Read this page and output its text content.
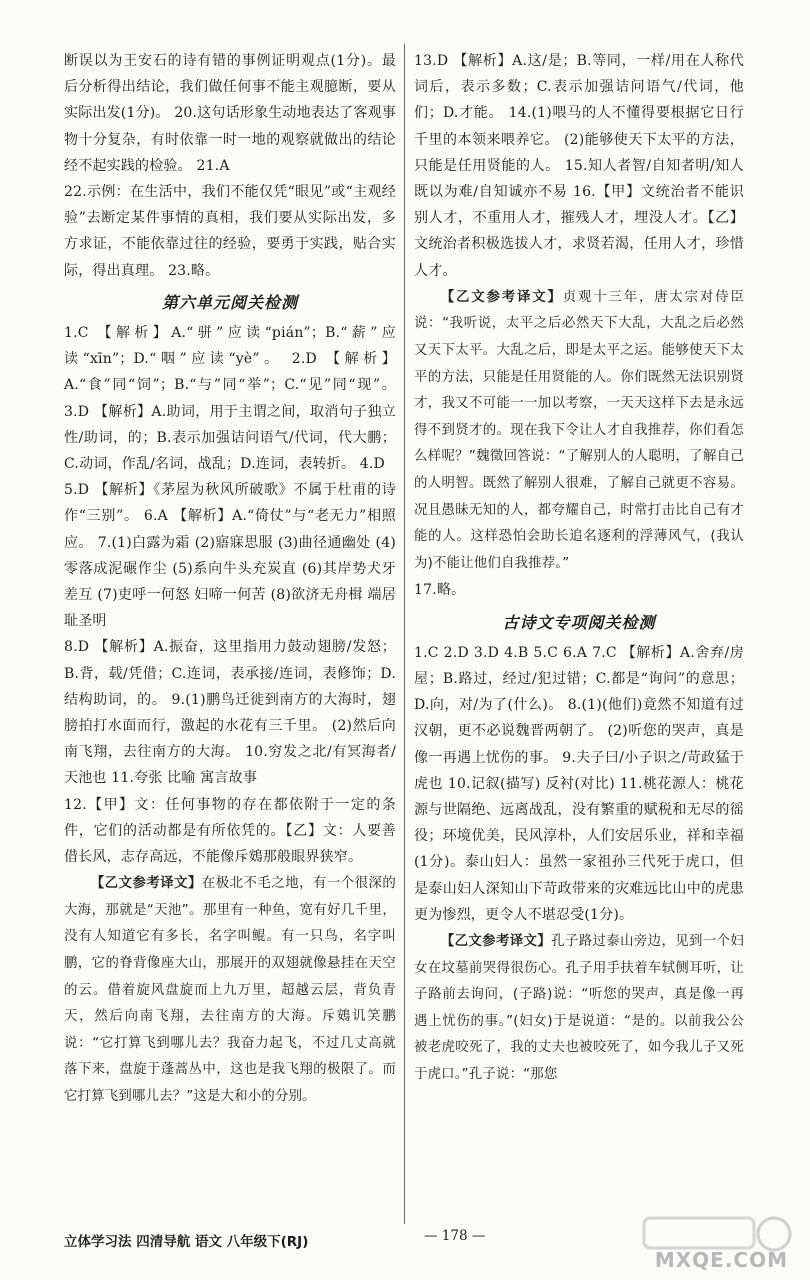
断误以为王安石的诗有错的事例证明观点(1分)。最后分析得出结论，我们做任何事不能主观臆断，要从实际出发(1分)。 20.这句话形象生动地表达了客观事物十分复杂，有时依靠一时一地的观察就做出的结论经不起实践的检验。 21.A

22.示例：在生活中，我们不能仅凭“眼见”或“主观经验”去断定某件事情的真相，我们要从实际出发，多方求证，不能依靠过往的经验，要勇于实践，贴合实际，得出真理。 23.略。

第六单元阅关检测

1.C 【解析】A.“骈”应读“pián”；B.“薪”应读“xīn”；D.“咽”应读“yè”。 2.D 【解析】A.“食”同“饲”；B.“与”同“举”；C.“见”同“现”。 3.D 【解析】A.助词，用于主谓之间，取消句子独立性/助词，的；B.表示加强诘问语气/代词，代大鹏；C.动词，作乱/名词，战乱；D.连词，表转折。 4.D

5.D 【解析】《茅屋为秋风所破歌》不属于杜甫的诗作“三别”。 6.A 【解析】A.“倚仗”与“老无力”相照应。 7.(1)白露为霜 (2)寤寐思服 (3)曲径通幽处 (4)零落成泥碾作尘 (5)系向牛头充炭直 (6)其岸势犬牙差互 (7)吏呼一何怒 妇啼一何苦 (8)欲济无舟楫 端居耻圣明

8.D 【解析】A.振奋，这里指用力鼓动翅膀/发怒；B.背，载/凭借；C.连词，表承接/连词，表修饰；D.结构助词，的。 9.(1)鹏鸟迁徙到南方的大海时，翅膀拍打水面而行，激起的水花有三千里。 (2)然后向南飞翔，去往南方的大海。 10.穷发之北/有冥海者/天池也 11.夸张 比喻 寓言故事

12.【甲】文：任何事物的存在都依附于一定的条件，它们的活动都是有所依凭的。【乙】文：人要善借长风，志存高远，不能像斥鴳那般眼界狭窄。

【乙文参考译文】在极北不毛之地，有一个很深的大海，那就是“天池”。那里有一种鱼，宽有好几千里，没有人知道它有多长，名字叫鲲。有一只鸟，名字叫鹏，它的脊背像座大山，那展开的双翅就像悬挂在天空的云。借着旋风盘旋而上九万里，超越云层，背负青天，然后向南飞翔，去往南方的大海。斥鴳讥笑鹏说：“它打算飞到哪儿去？我奋力起飞，不过几丈高就落下来，盘旋于蓬蒿丛中，这也是我飞翔的极限了。而它打算飞到哪儿去？”这是大和小的分别。

13.D 【解析】A.这/是；B.等同，一样/用在人称代词后，表示多数；C.表示加强诘问语气/代词，他们；D.才能。 14.(1)喂马的人不懂得要根据它日行千里的本领来喂养它。 (2)能够使天下太平的方法，只能是任用贤能的人。 15.知人者智/自知者明/知人既以为难/自知诚亦不易 16.【甲】文统治者不能识别人才，不重用人才，摧残人才，埋没人才。【乙】文统治者积极选拔人才，求贤若渴，任用人才，珍惜人才。

【乙文参考译文】贞观十三年，唐太宗对侍臣说：“我听说，太平之后必然天下大乱，大乱之后必然又天下太平。大乱之后，即是太平之运。能够使天下太平的方法，只能是任用贤能的人。你们既然无法识别贤才，我又不可能一一加以考察，一天天这样下去是永远得不到贤才的。现在我下令让人才自我推荐，你们看怎么样呢？”魏徵回答说：“了解别人的人聪明，了解自己的人明智。既然了解别人很难，了解自己就更不容易。况且愚昧无知的人，都夸耀自己，时常打击比自己有才能的人。这样恐怕会助长追名逐利的浮薄风气，(我认为)不能让他们自我推荐。”

17.略。

古诗文专项阅关检测

1.C 2.D 3.D 4.B 5.C 6.A 7.C 【解析】A.舍弃/房屋；B.路过，经过/犯过错；C.都是“询问”的意思；D.向，对/为了(什么)。 8.(1)(他们)竟然不知道有过汉朝，更不必说魏晋两朝了。 (2)听您的哭声，真是像一再遇上忧伤的事。 9.夫子曰/小子识之/苛政猛于虎也 10.记叙(描写) 反衬(对比) 11.桃花源人：桃花源与世隔绝、远离战乱，没有繁重的赋税和无尽的徭役；环境优美，民风淳朴，人们安居乐业，祥和幸福(1分)。泰山妇人：虽然一家祖孙三代死于虎口，但是泰山妇人深知山下苛政带来的灾难远比山中的虎患更为惨烈，更令人不堪忍受(1分)。

【乙文参考译文】孔子路过泰山旁边，见到一个妇女在坟墓前哭得很伤心。孔子用手扶着车轼侧耳听，让子路前去询问，(子路)说：“听您的哭声，真是像一再遇上忧伤的事。”(妇女)于是说道：“是的。以前我公公被老虎咬死了，我的丈夫也被咬死了，如今我儿子又死于虎口。”孔子说：“那您

立体学习法 四清导航 语文 八年级下(RJ)	— 178 —
MXQE.COM
